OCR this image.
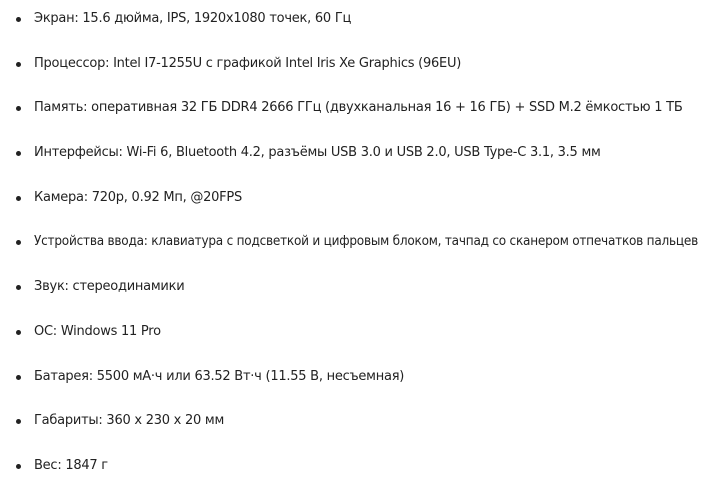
Экран: 15.6 дюйма, IPS, 1920x1080 точек, 60 Гц
Процессор: Intel I7-1255U с графикой Intel Iris Xe Graphics (96EU)
Память: оперативная 32 ГБ DDR4 2666 ГГц (двухканальная 16 + 16 ГБ) + SSD M.2 ёмкостью 1 ТБ
Интерфейсы: Wi-Fi 6, Bluetooth 4.2, разъёмы USB 3.0 и USB 2.0, USB Type-C 3.1, 3.5 мм
Камера: 720p, 0.92 Мп, @20FPS
Устройства ввода: клавиатура с подсветкой и цифровым блоком, тачпад со сканером отпечатков пальцев
Звук: стереодинамики
ОС: Windows 11 Pro
Батарея: 5500 мА·ч или 63.52 Вт·ч (11.55 В, несъемная)
Габариты: 360 x 230 x 20 мм
Вес: 1847 г
